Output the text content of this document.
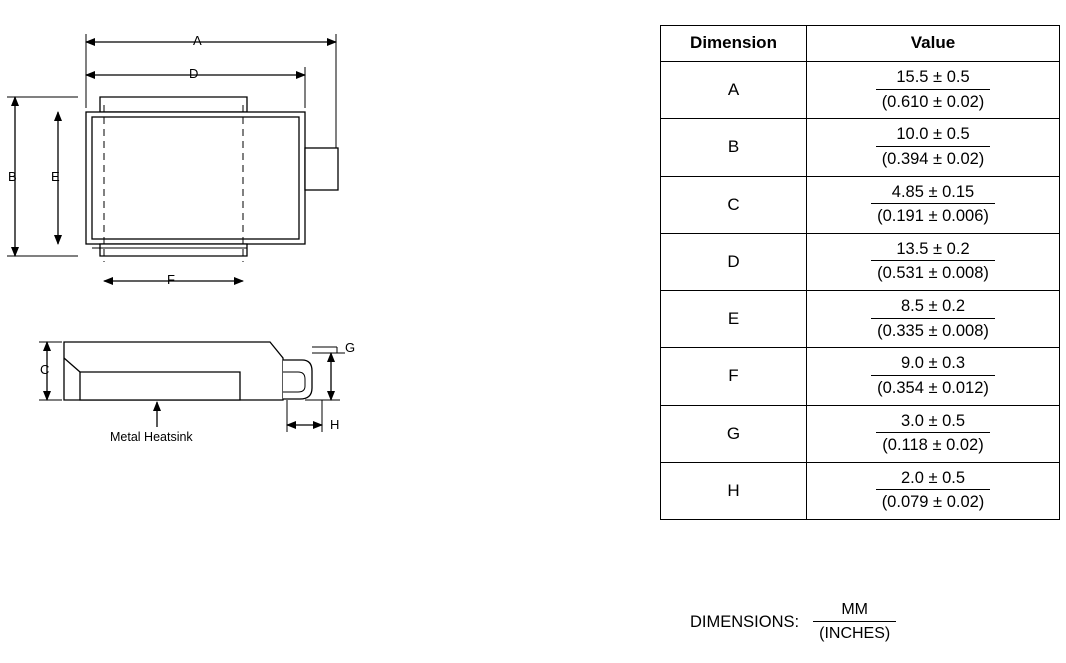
A
D
B	E
F
C
G
H
Metal Heatsink
Dimension	Value
A	$\frac{15.5 \pm 0.5}{(0.610 \pm 0.02)}$

B	$\frac{10.0 \pm 0.5}{(0.394 \pm 0.02)}$

C	$\frac{4.85 \pm 0.15}{(0.191 \pm 0.006)}$

D	$\frac{13.5 \pm 0.2}{(0.531 \pm 0.008)}$

E	$\frac{8.5 \pm 0.2}{(0.335 \pm 0.008)}$

F	$\frac{9.0 \pm 0.3}{(0.354 \pm 0.012)}$

G	$\frac{3.0 \pm 0.5}{(0.118 \pm 0.02)}$

H	$\frac{2.0 \pm 0.5}{(0.079 \pm 0.02)}$
DIMENSIONS: $\frac{MM}{\text{(INCHES)}}$
